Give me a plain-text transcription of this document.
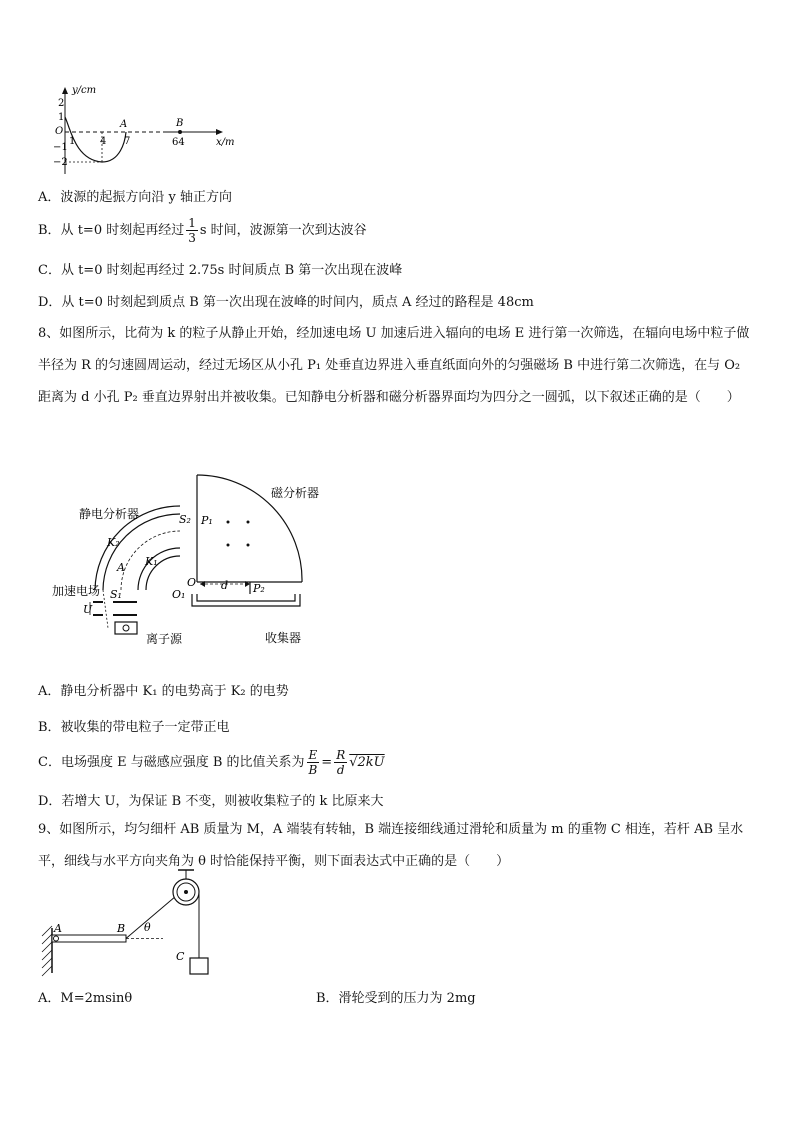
y/cm
x/m
2
1
−1
−2
O
1 4 7
A	B
64
A．波源的起振方向沿 y 轴正方向
B．从 t=0 时刻起再经过 $\frac{1}{3}$ s 时间，波源第一次到达波谷
C．从 t=0 时刻起再经过 2.75s 时间质点 B 第一次出现在波峰
D．从 t=0 时刻起到质点 B 第一次出现在波峰的时间内，质点 A 经过的路程是 48cm
8、如图所示，比荷为 k 的粒子从静止开始，经加速电场 U 加速后进入辐向的电场 E 进行第一次筛选，在辐向电场中粒子做半径为 R 的匀速圆周运动，经过无场区从小孔 P₁ 处垂直边界进入垂直纸面向外的匀强磁场 B 中进行第二次筛选，在与 O₂ 距离为 d 小孔 P₂ 垂直边界射出并被收集。已知静电分析器和磁分析器界面均为四分之一圆弧，以下叙述正确的是（　　）
静电分析器
磁分析器
加速电场
离子源	收集器
K₂
K₁
A
S₁
S₂ P₁
P₂
O
O₁
d
U
A．静电分析器中 K₁ 的电势高于 K₂ 的电势
B．被收集的带电粒子一定带正电
C．电场强度 E 与磁感应强度 B 的比值关系为 $\frac{E}{B} = \frac{R}{d} √2kU$
D．若增大 U，为保证 B 不变，则被收集粒子的 k 比原来大
9、如图所示，均匀细杆 AB 质量为 M，A 端装有转轴，B 端连接细线通过滑轮和质量为 m 的重物 C 相连，若杆 AB 呈水平，细线与水平方向夹角为 θ 时恰能保持平衡，则下面表达式中正确的是（　　）
A	B θ
C
A．M=2msinθ	B．滑轮受到的压力为 2mg
